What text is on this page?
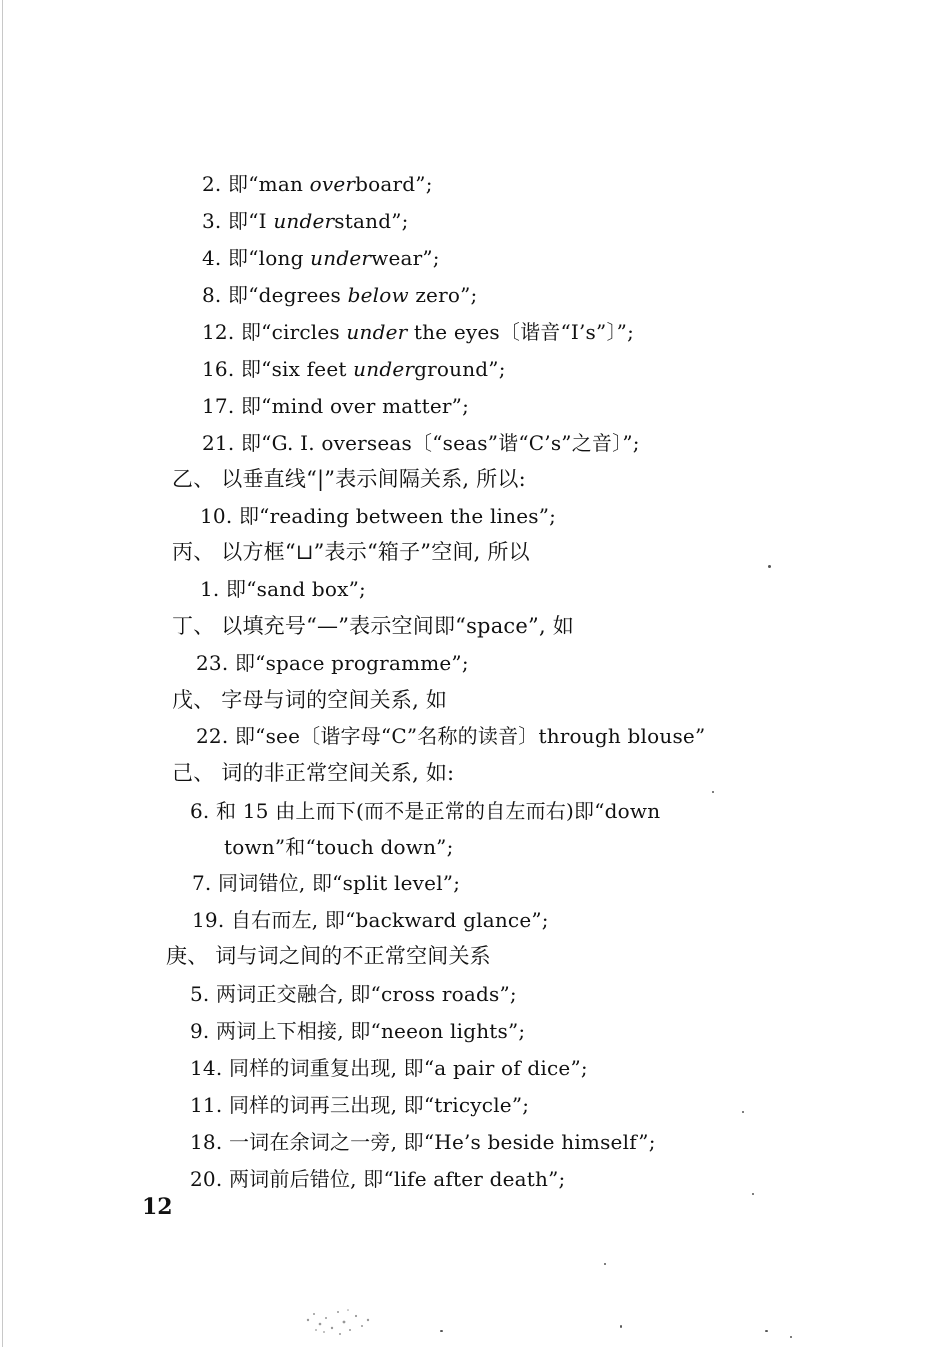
2. 即“man overboard”;
3. 即“I understand”;
4. 即“long underwear”;
8. 即“degrees below zero”;
12. 即“circles under the eyes〔谐音“I’s”〕”;
16. 即“six feet underground”;
17. 即“mind over matter”;
21. 即“G. I. overseas〔“seas”谐“C’s”之音〕”;
乙、 以垂直线“|”表示间隔关系, 所以:
10. 即“reading between the lines”;
丙、 以方框“⊔”表示“箱子”空间, 所以
1. 即“sand box”;
丁、 以填充号“—”表示空间即“space”, 如
23. 即“space programme”;
戊、 字母与词的空间关系, 如
22. 即“see〔谐字母“C”名称的读音〕through blouse”
己、 词的非正常空间关系, 如:
6. 和 15 由上而下(而不是正常的自左而右)即“down
town”和“touch down”;
7. 同词错位, 即“split level”;
19. 自右而左, 即“backward glance”;
庚、 词与词之间的不正常空间关系
5. 两词正交融合, 即“cross roads”;
9. 两词上下相接, 即“neeon lights”;
14. 同样的词重复出现, 即“a pair of dice”;
11. 同样的词再三出现, 即“tricycle”;
18. 一词在余词之一旁, 即“He’s beside himself”;
20. 两词前后错位, 即“life after death”;
12
